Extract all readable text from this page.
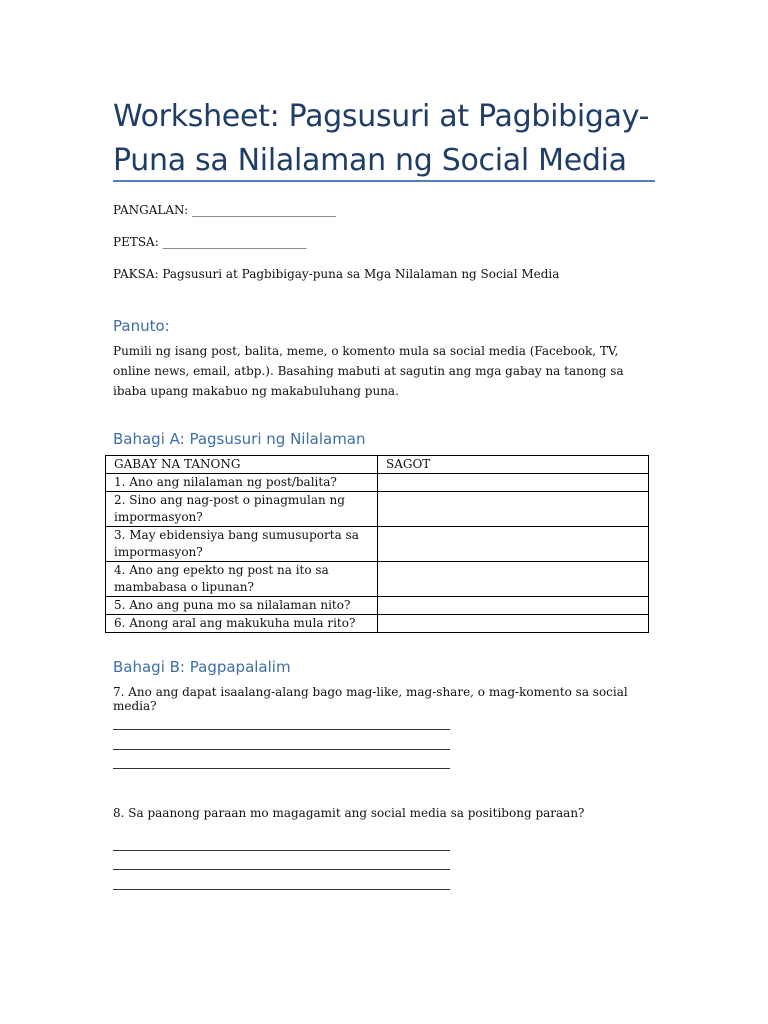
Worksheet: Pagsusuri at Pagbibigay-Puna sa Nilalaman ng Social Media
PANGALAN: ________________________
PETSA: ________________________
PAKSA: Pagsusuri at Pagbibigay-puna sa Mga Nilalaman ng Social Media
Panuto:

Pumili ng isang post, balita, meme, o komento mula sa social media (Facebook, TV, online news, email, atbp.). Basahing mabuti at sagutin ang mga gabay na tanong sa ibaba upang makabuo ng makabuluhang puna.

Bahagi A: Pagsusuri ng Nilalaman
GABAY NA TANONG	SAGOT
1. Ano ang nilalaman ng post/balita?	
2. Sino ang nag-post o pinagmulan ng impormasyon?	
3. May ebidensiya bang sumusuporta sa impormasyon?	
4. Ano ang epekto ng post na ito sa mambabasa o lipunan?	
5. Ano ang puna mo sa nilalaman nito?	
6. Anong aral ang makukuha mula rito?	
Bahagi B: Pagpapalalim
7. Ano ang dapat isaalang-alang bago mag-like, mag-share, o mag-komento sa social media?
8. Sa paanong paraan mo magagamit ang social media sa positibong paraan?
